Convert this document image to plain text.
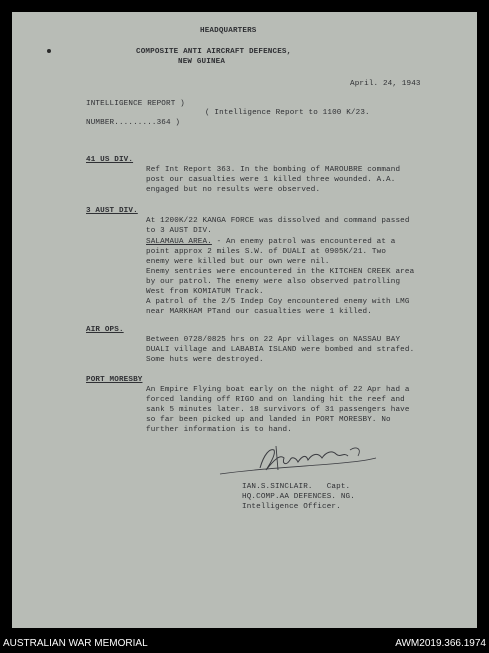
HEADQUARTERS
COMPOSITE ANTI AIRCRAFT DEFENCES,
NEW GUINEA
April. 24, 1943
INTELLIGENCE REPORT )
( Intelligence Report to 1100 K/23.
NUMBER.........364 )
41 US DIV.
Ref Int Report 363. In the bombing of MAROUBRE command
post our casualties were 1 killed three wounded. A.A.
engaged but no results were observed.
3 AUST DIV.
At 1200K/22 KANGA FORCE was dissolved and command passed
to 3 AUST DIV.
SALAMAUA AREA. - An enemy patrol was encountered at a
point approx 2 miles S.W. of DUALI at 0905K/21. Two
enemy were killed but our own were nil.
Enemy sentries were encountered in the KITCHEN CREEK area
by our patrol. The enemy were also observed patrolling
West from KOMIATUM Track.
A patrol of the 2/5 Indep Coy encountered enemy with LMG
near MARKHAM PTand our casualties were 1 killed.
AIR OPS.
Between 0728/0825 hrs on 22 Apr villages on NASSAU BAY
DUALI village and LABABIA ISLAND were bombed and strafed.
Some huts were destroyed.
PORT MORESBY
An Empire Flying boat early on the night of 22 Apr had a
forced landing off RIGO and on landing hit the reef and
sank 5 minutes later. 18 survivors of 31 passengers have
so far been picked up and landed in PORT MORESBY. No
further information is to hand.
IAN.S.SINCLAIR.   Capt.
HQ.COMP.AA DEFENCES. NG.
Intelligence Officer.
AUSTRALIAN WAR MEMORIAL	AWM2019.366.1974
